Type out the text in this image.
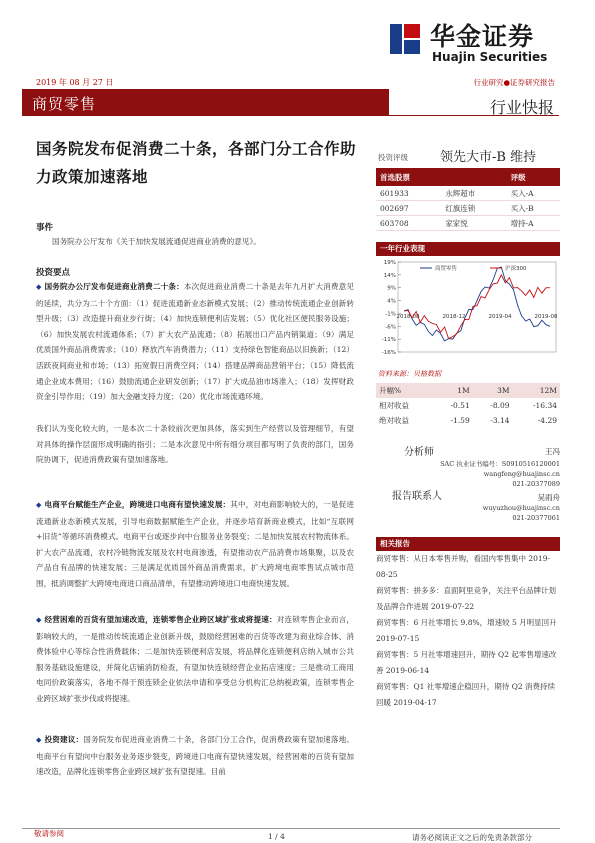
华金证券
Huajin Securities
2019 年 08 月 27 日	行业研究●证券研究报告
商贸零售	行业快报
国务院发布促消费二十条，各部门分工合作助力政策加速落地
事件
国务院办公厅发布《关于加快发展流通促进商业消费的意见》。
投资要点
◆ 国务院办公厅发布促进商业消费二十条：本次促进商业消费二十条是去年九月扩大消费意见的延续，共分为二十个方面：（1）促进流通新业态新模式发展；（2）推动传统流通企业创新转型升级；（3）改造提升商业步行街；（4）加快连锁便利店发展；（5）优化社区便民服务设施；（6）加快发展农村流通体系；（7）扩大农产品流通；（8）拓展出口产品内销渠道；（9）满足优质国外商品消费需求；（10）释放汽车消费潜力；（11）支持绿色智能商品以旧换新；（12）活跃夜间商业和市场；（13）拓宽假日消费空间；（14）搭建品牌商品营销平台；（15）降低流通企业成本费用；（16）鼓励流通企业研发创新；（17）扩大成品油市场准入；（18）发挥财政资金引导作用；（19）加大金融支持力度；（20）优化市场流通环境。
我们认为变化较大的，一是本次二十条较前次更加具体，落实到生产经营以及管理细节，有望对具体的操作层面形成明确的指引；二是本次意见中所有细分项目都写明了负责的部门，国务院协调下，促进消费政策有望加速落地。
◆ 电商平台赋能生产企业，跨境进口电商有望快速发展：其中，对电商影响较大的，一是促进流通新业态新模式发展，引导电商数据赋能生产企业，并逐步培育新商业模式，比如“互联网+旧货”等循环消费模式。电商平台或逐步向中台服务业务裂变；二是加快发展农村物流体系。扩大农产品流通，农村冷链物流发展及农村电商渗透，有望推动农产品消费市场集聚，以及农产品自有品牌的快速发展；三是满足优质国外商品消费需求，扩大跨境电商零售试点城市范围，抵消调整扩大跨境电商进口商品清单，有望推动跨境进口电商快速发展。
◆ 经营困难的百货有望加速改造，连锁零售企业跨区域扩张或将提速：对连锁零售企业而言，影响较大的，一是推动传统流通企业创新升级，鼓励经营困难的百货等改建为商业综合体、消费体验中心等综合性消费载体；二是加快连锁便利店发展，将品牌化连锁便利店纳入城市公共服务基础设施建设，并简化店铺消防检查，有望加快连锁经营企业拓店速度；三是推动工商用电同价政策落实，各地不得干预连锁企业依法申请和享受总分机构汇总纳税政策，连锁零售企业跨区域扩张步伐或将提速。
◆ 投资建议：国务院发布促进商业消费二十条，各部门分工合作，促消费政策有望加速落地。电商平台有望向中台服务业务逐步裂变，跨境进口电商有望快速发展，经营困难的百货有望加速改造，品牌化连锁零售企业跨区域扩张有望提速。目前
投资评级 领先大市-B 维持
首选股票		评级
601933	永辉超市	买入-A
002697	红旗连锁	买入-B
603708	家家悦	增持-A
一年行业表现
19%
14%
9%
4%
-1%
-6%
-11%
-16%
2018-08	2018-12	2019-04	2019-08
商贸零售	沪深300
资料来源：贝格数据
升幅%	1M	3M	12M
相对收益	-0.51	-8.09	-16.34
绝对收益	-1.59	-3.14	-4.29
分析师	王冯
SAC 执业证书编号：S0910516120001
wangfeng@huajinsc.cn
021-20377089
报告联系人	吴雨舟
wuyuzhou@huajinsc.cn
021-20377061
相关报告
商贸零售：从日本零售并购，看国内零售集中 2019-08-25
商贸零售：拼多多：直面阿里竞争，关注平台品牌计划及品牌合作进展 2019-07-22
商贸零售：6 月社零增长 9.8%，增速较 5 月明显回升 2019-07-15
商贸零售：5 月社零增速回升，期待 Q2 起零售增速改善 2019-06-14
商贸零售：Q1 社零增速企稳回升，期待 Q2 消费持续回暖 2019-04-17
敬请参阅	1 / 4	请务必阅读正文之后的免责条款部分
